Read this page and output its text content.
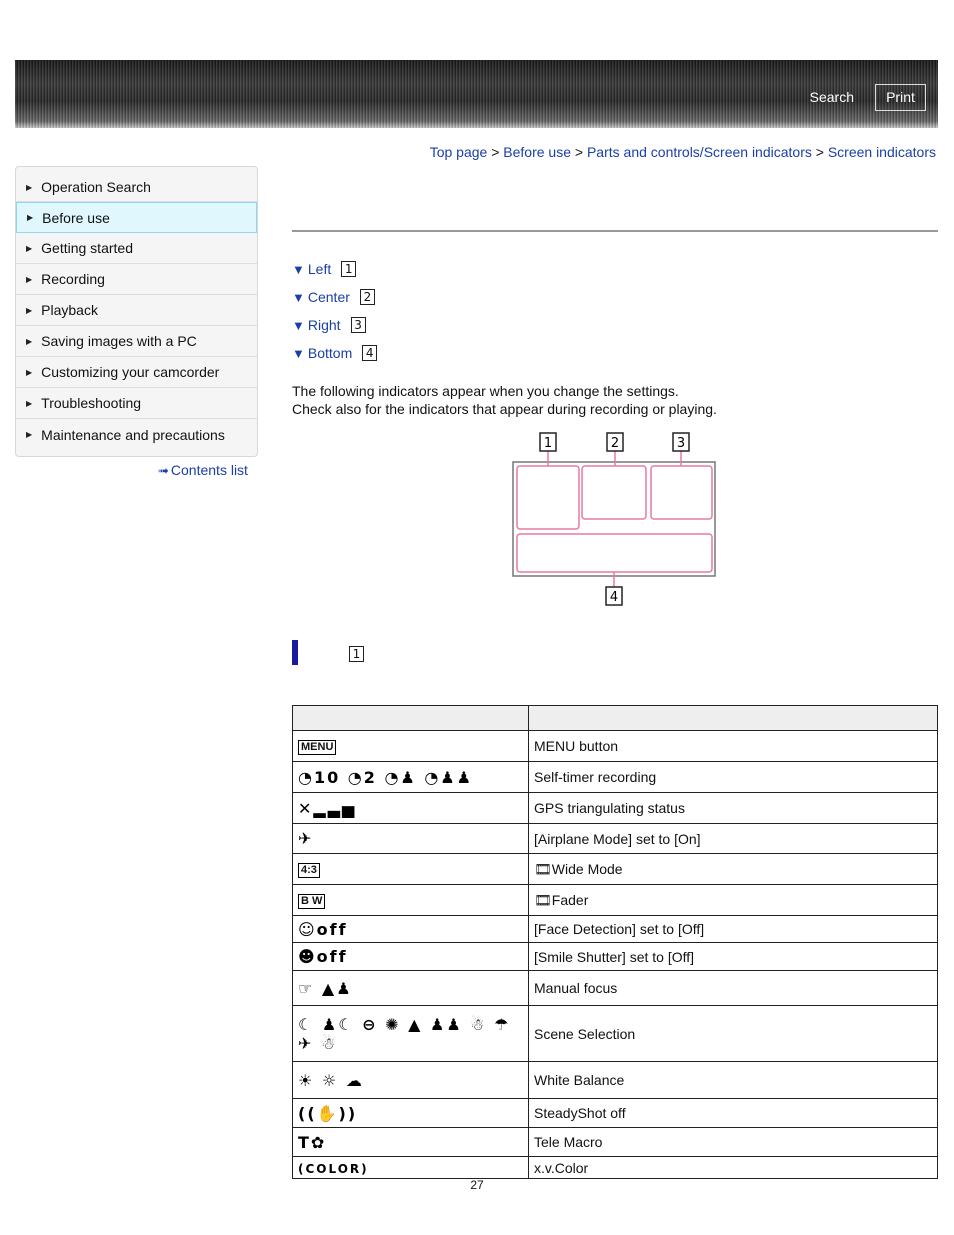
Search	Print
Top page > Before use > Parts and controls/Screen indicators > Screen indicators
▶ Operation Search
▶ Before use
▶ Getting started
▶ Recording
▶ Playback
▶ Saving images with a PC
▶ Customizing your camcorder
▶ Troubleshooting
▶ Maintenance and precautions
➟ Contents list
▼ Left	1
▼ Center	2
▼ Right	3
▼ Bottom	4
The following indicators appear when you change the settings.
Check also for the indicators that appear during recording or playing.
1	2	3
4
1

MENU	MENU button
◔10 ◔2 ◔♟ ◔♟♟	Self-timer recording
✕▂▃▅	GPS triangulating status
✈	[Airplane Mode] set to [On]
4:3	🎞Wide Mode
B W	🎞Fader
☺off	[Face Detection] set to [Off]
☻off	[Smile Shutter] set to [Off]
☞ ▲♟	Manual focus
☾ ♟☾ ⊖ ✺ ▲ ♟♟ ☃ ☂ ✈ ☃	Scene Selection
☀ ☼ ☁	White Balance
((✋))	SteadyShot off
T✿	Tele Macro
(COLOR)	x.v.Color
27
